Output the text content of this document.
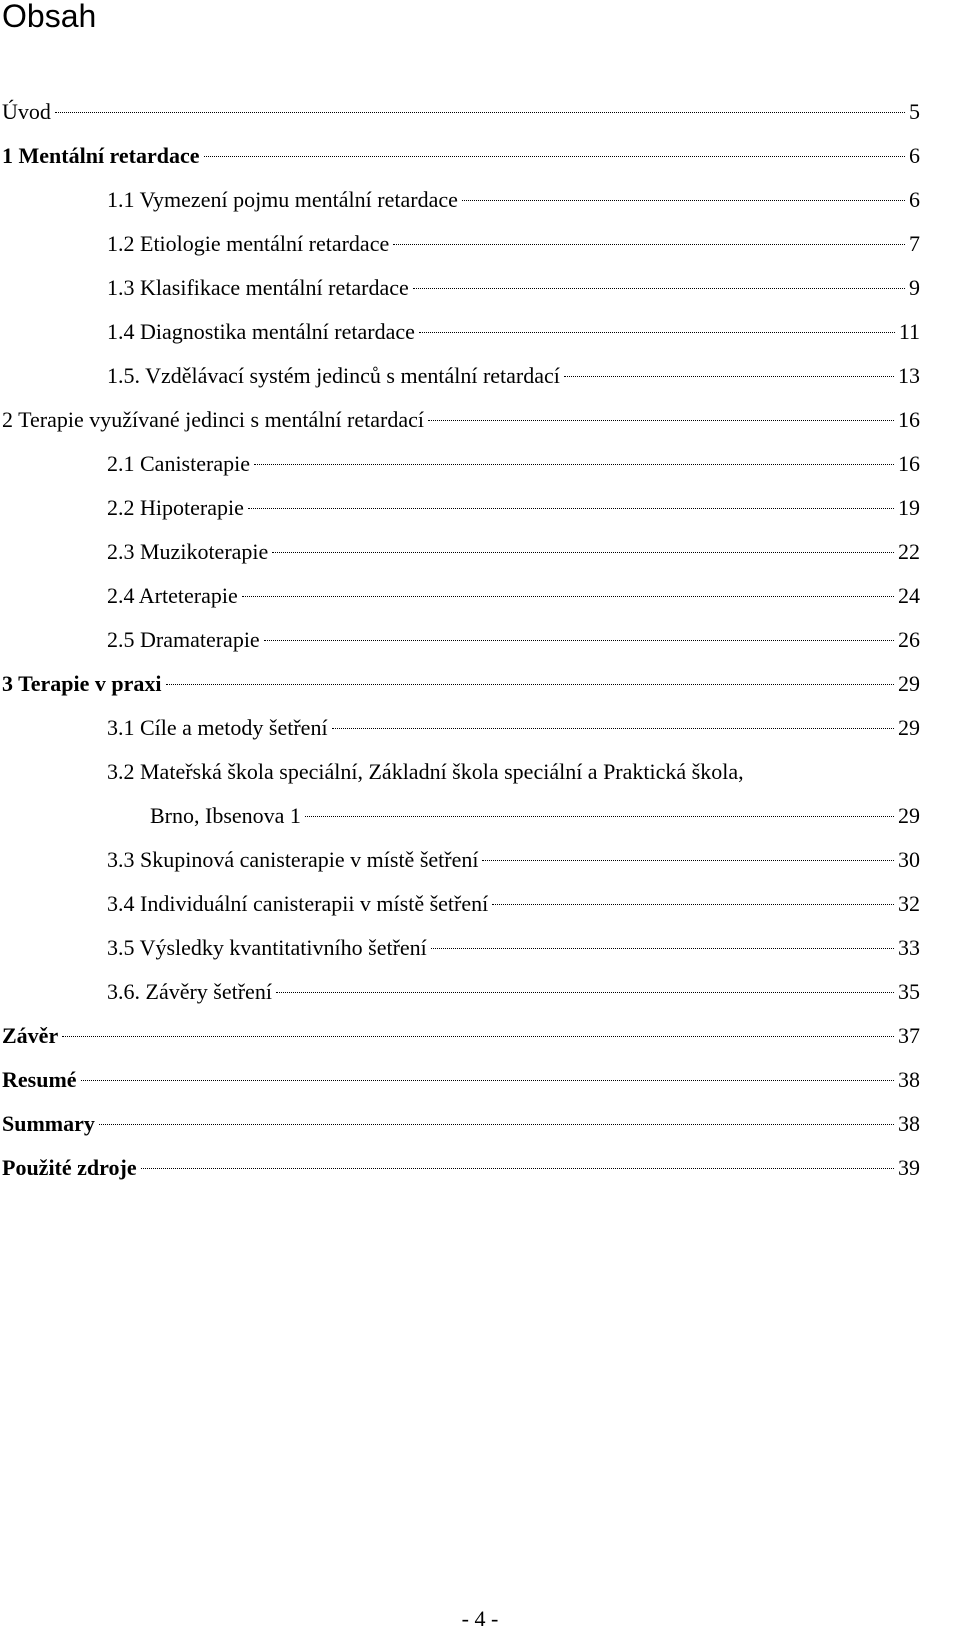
Obsah
Úvod	5
1 Mentální retardace	6
1.1 Vymezení pojmu mentální retardace	6
1.2 Etiologie mentální retardace	7
1.3 Klasifikace mentální retardace	9
1.4 Diagnostika mentální retardace	11
1.5. Vzdělávací systém jedinců s mentální retardací	13
2 Terapie využívané jedinci s mentální retardací	16
2.1 Canisterapie	16
2.2 Hipoterapie	19
2.3 Muzikoterapie	22
2.4 Arteterapie	24
2.5 Dramaterapie	26
3 Terapie v praxi	29
3.1 Cíle a metody šetření	29
3.2 Mateřská škola speciální, Základní škola speciální a Praktická škola,
Brno, Ibsenova 1	29
3.3 Skupinová canisterapie v místě šetření	30
3.4 Individuální canisterapii v místě šetření	32
3.5 Výsledky kvantitativního šetření	33
3.6. Závěry šetření	35
Závěr	37
Resumé	38
Summary	38
Použité zdroje	39
- 4 -
